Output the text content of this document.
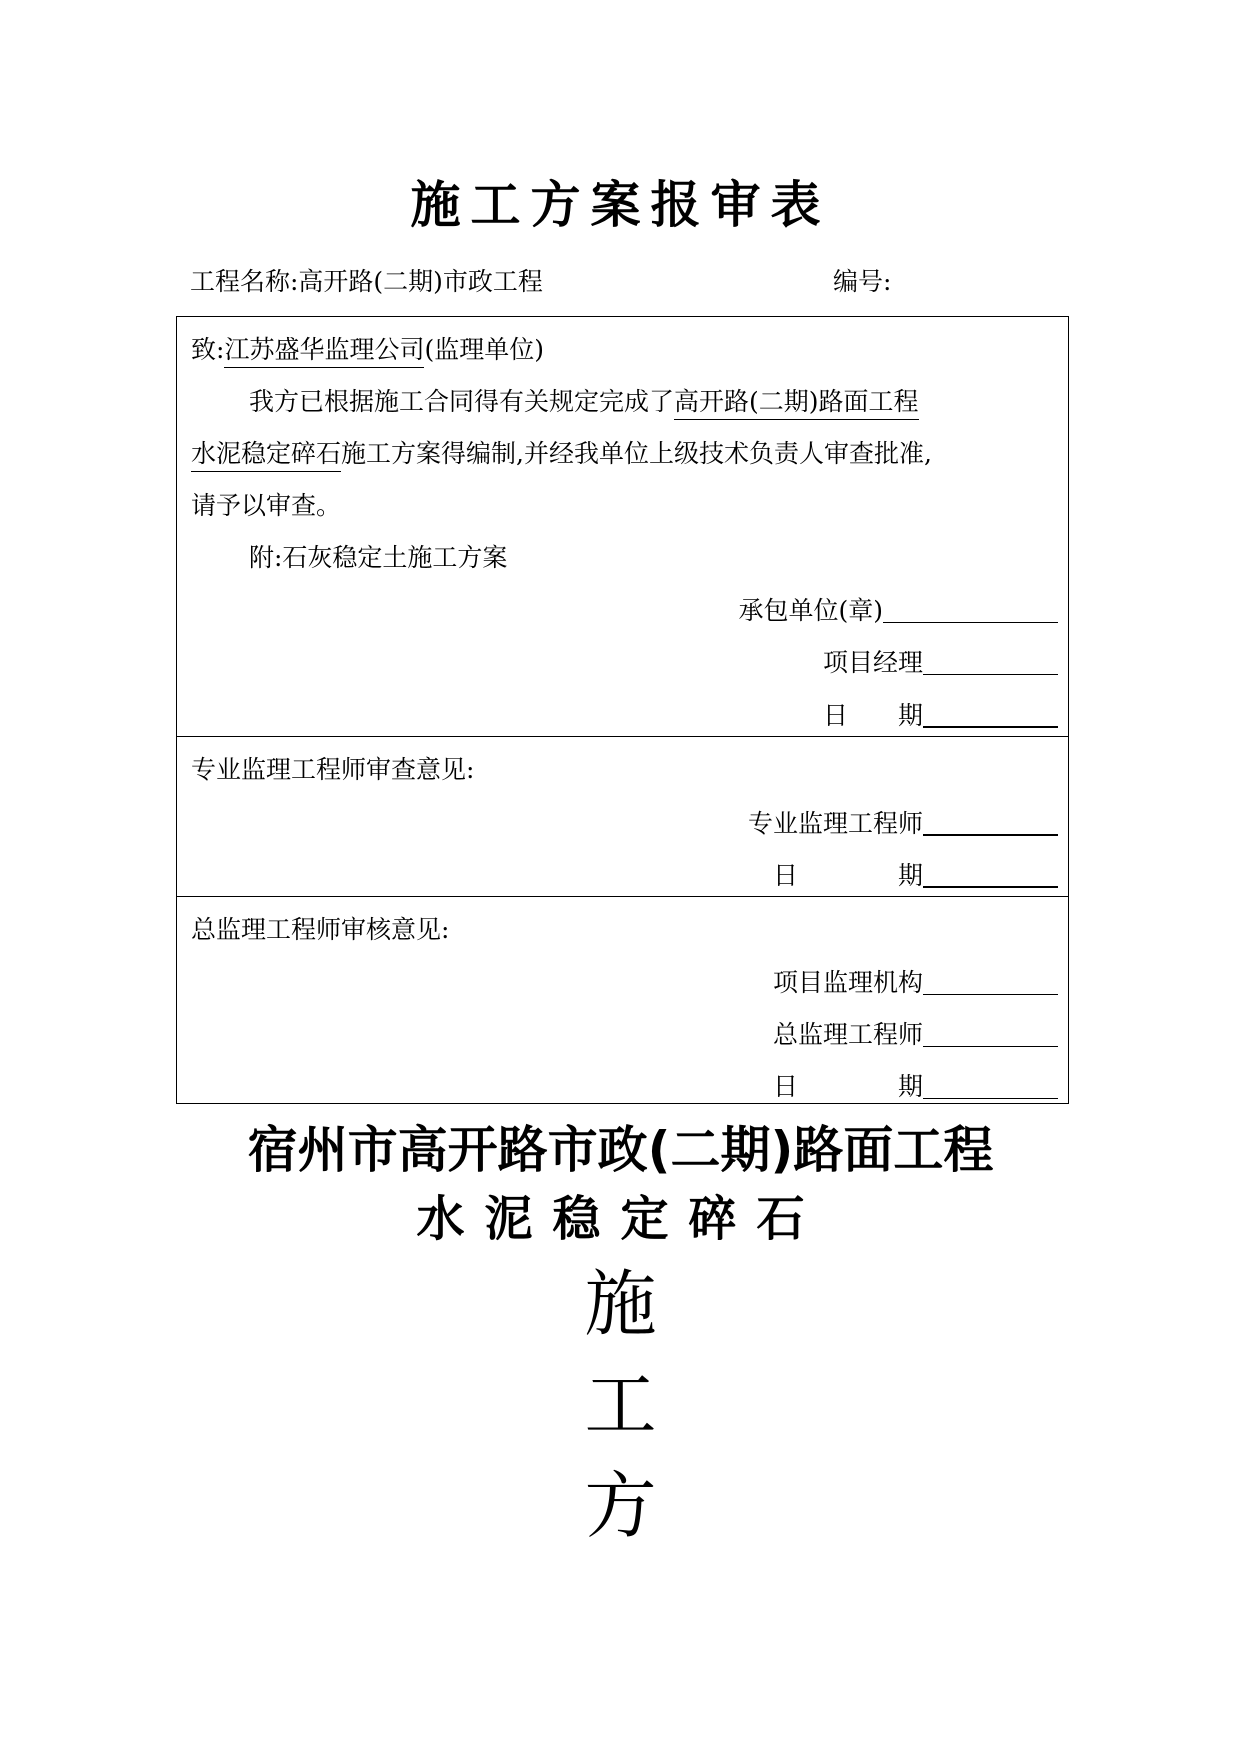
施工方案报审表
工程名称:高开路(二期)市政工程	编号:
致:江苏盛华监理公司(监理单位)
我方已根据施工合同得有关规定完成了高开路(二期)路面工程
水泥稳定碎石施工方案得编制,并经我单位上级技术负责人审查批准,
请予以审查。
附:石灰稳定土施工方案
承包单位(章)
项目经理
日　　期
专业监理工程师审查意见:
专业监理工程师
日　　　　期
总监理工程师审核意见:
项目监理机构
总监理工程师
日　　　　期
宿州市高开路市政(二期)路面工程
水泥稳定碎石
施
工
方
